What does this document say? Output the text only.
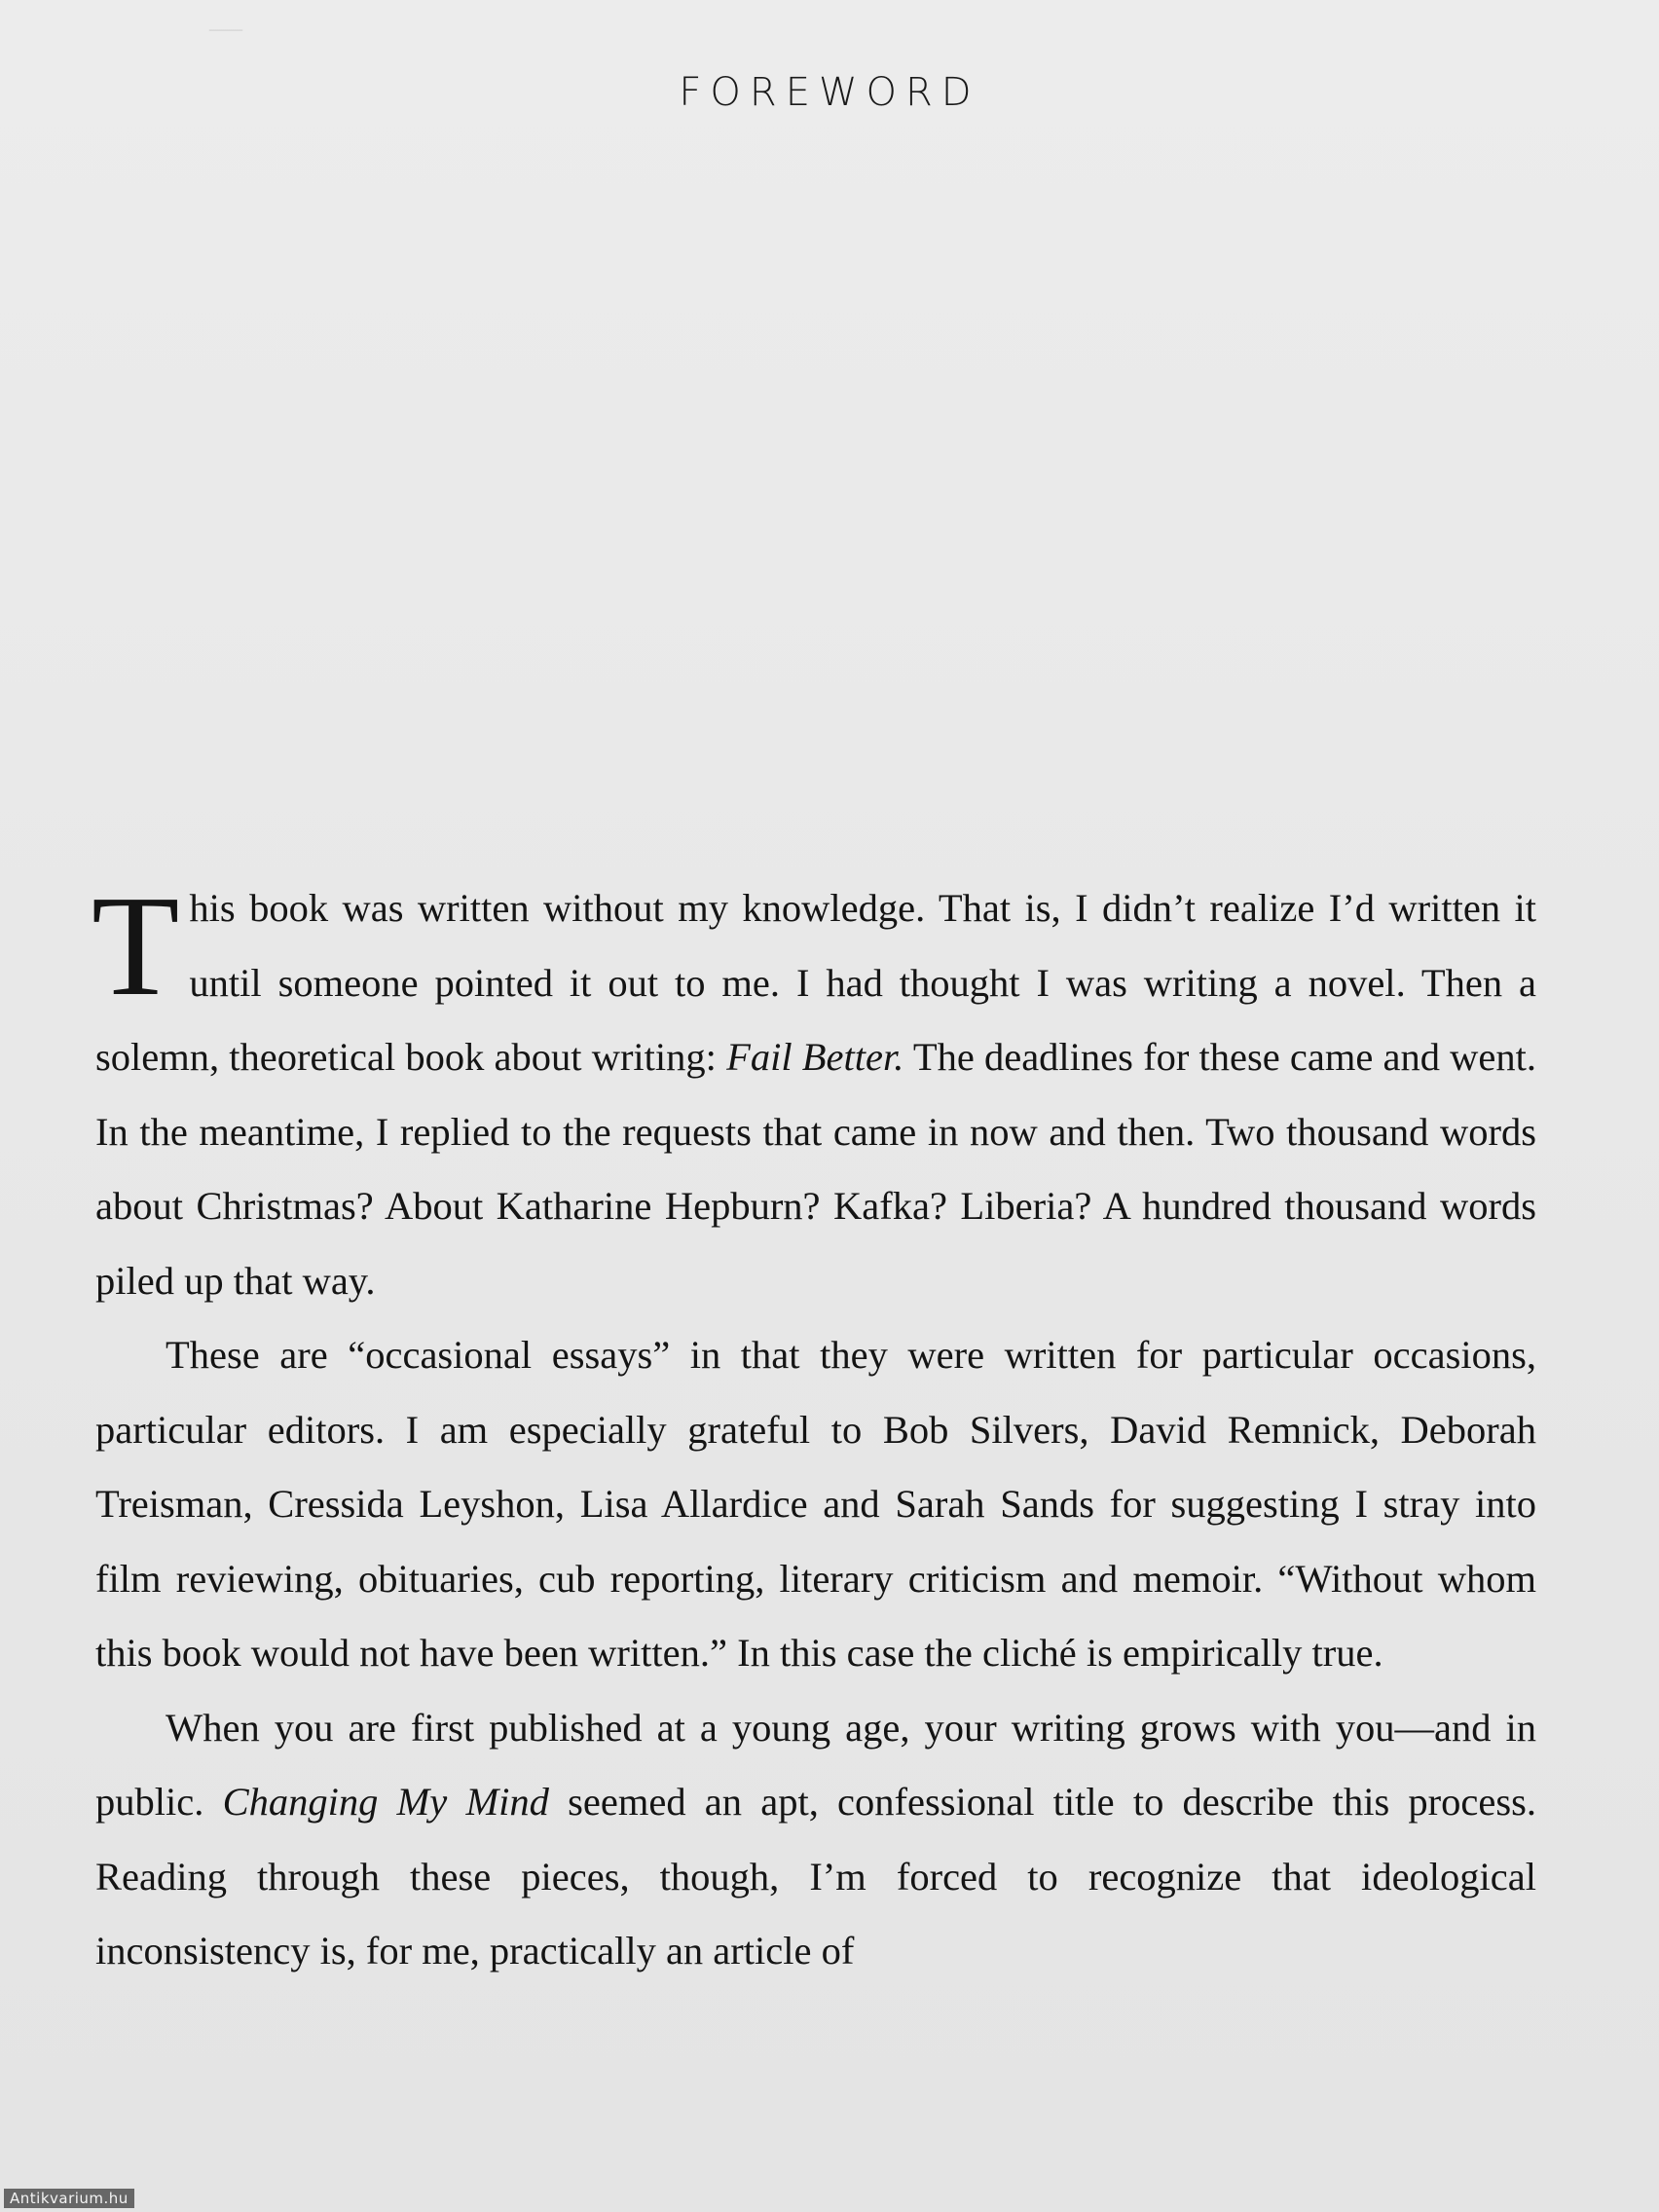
—
FOREWORD

T his book was written without my knowledge. That is, I didn’t realize I’d written it until someone pointed it out to me. I had thought I was writing a novel. Then a solemn, theoretical book about writing: Fail Better. The deadlines for these came and went. In the meantime, I replied to the requests that came in now and then. Two thousand words about Christmas? About Katharine Hepburn? Kafka? Liberia? A hundred thousand words piled up that way.

These are “occasional essays” in that they were written for particular occasions, particular editors. I am especially grateful to Bob Silvers, David Remnick, Deborah Treisman, Cressida Leyshon, Lisa Allardice and Sarah Sands for suggesting I stray into film reviewing, obituaries, cub reporting, literary criticism and memoir. “Without whom this book would not have been written.” In this case the cliché is empirically true.

When you are first published at a young age, your writing grows with you—and in public. Changing My Mind seemed an apt, confessional title to describe this process. Reading through these pieces, though, I’m forced to recognize that ideological inconsistency is, for me, practically an article of

Antikvarium.hu
